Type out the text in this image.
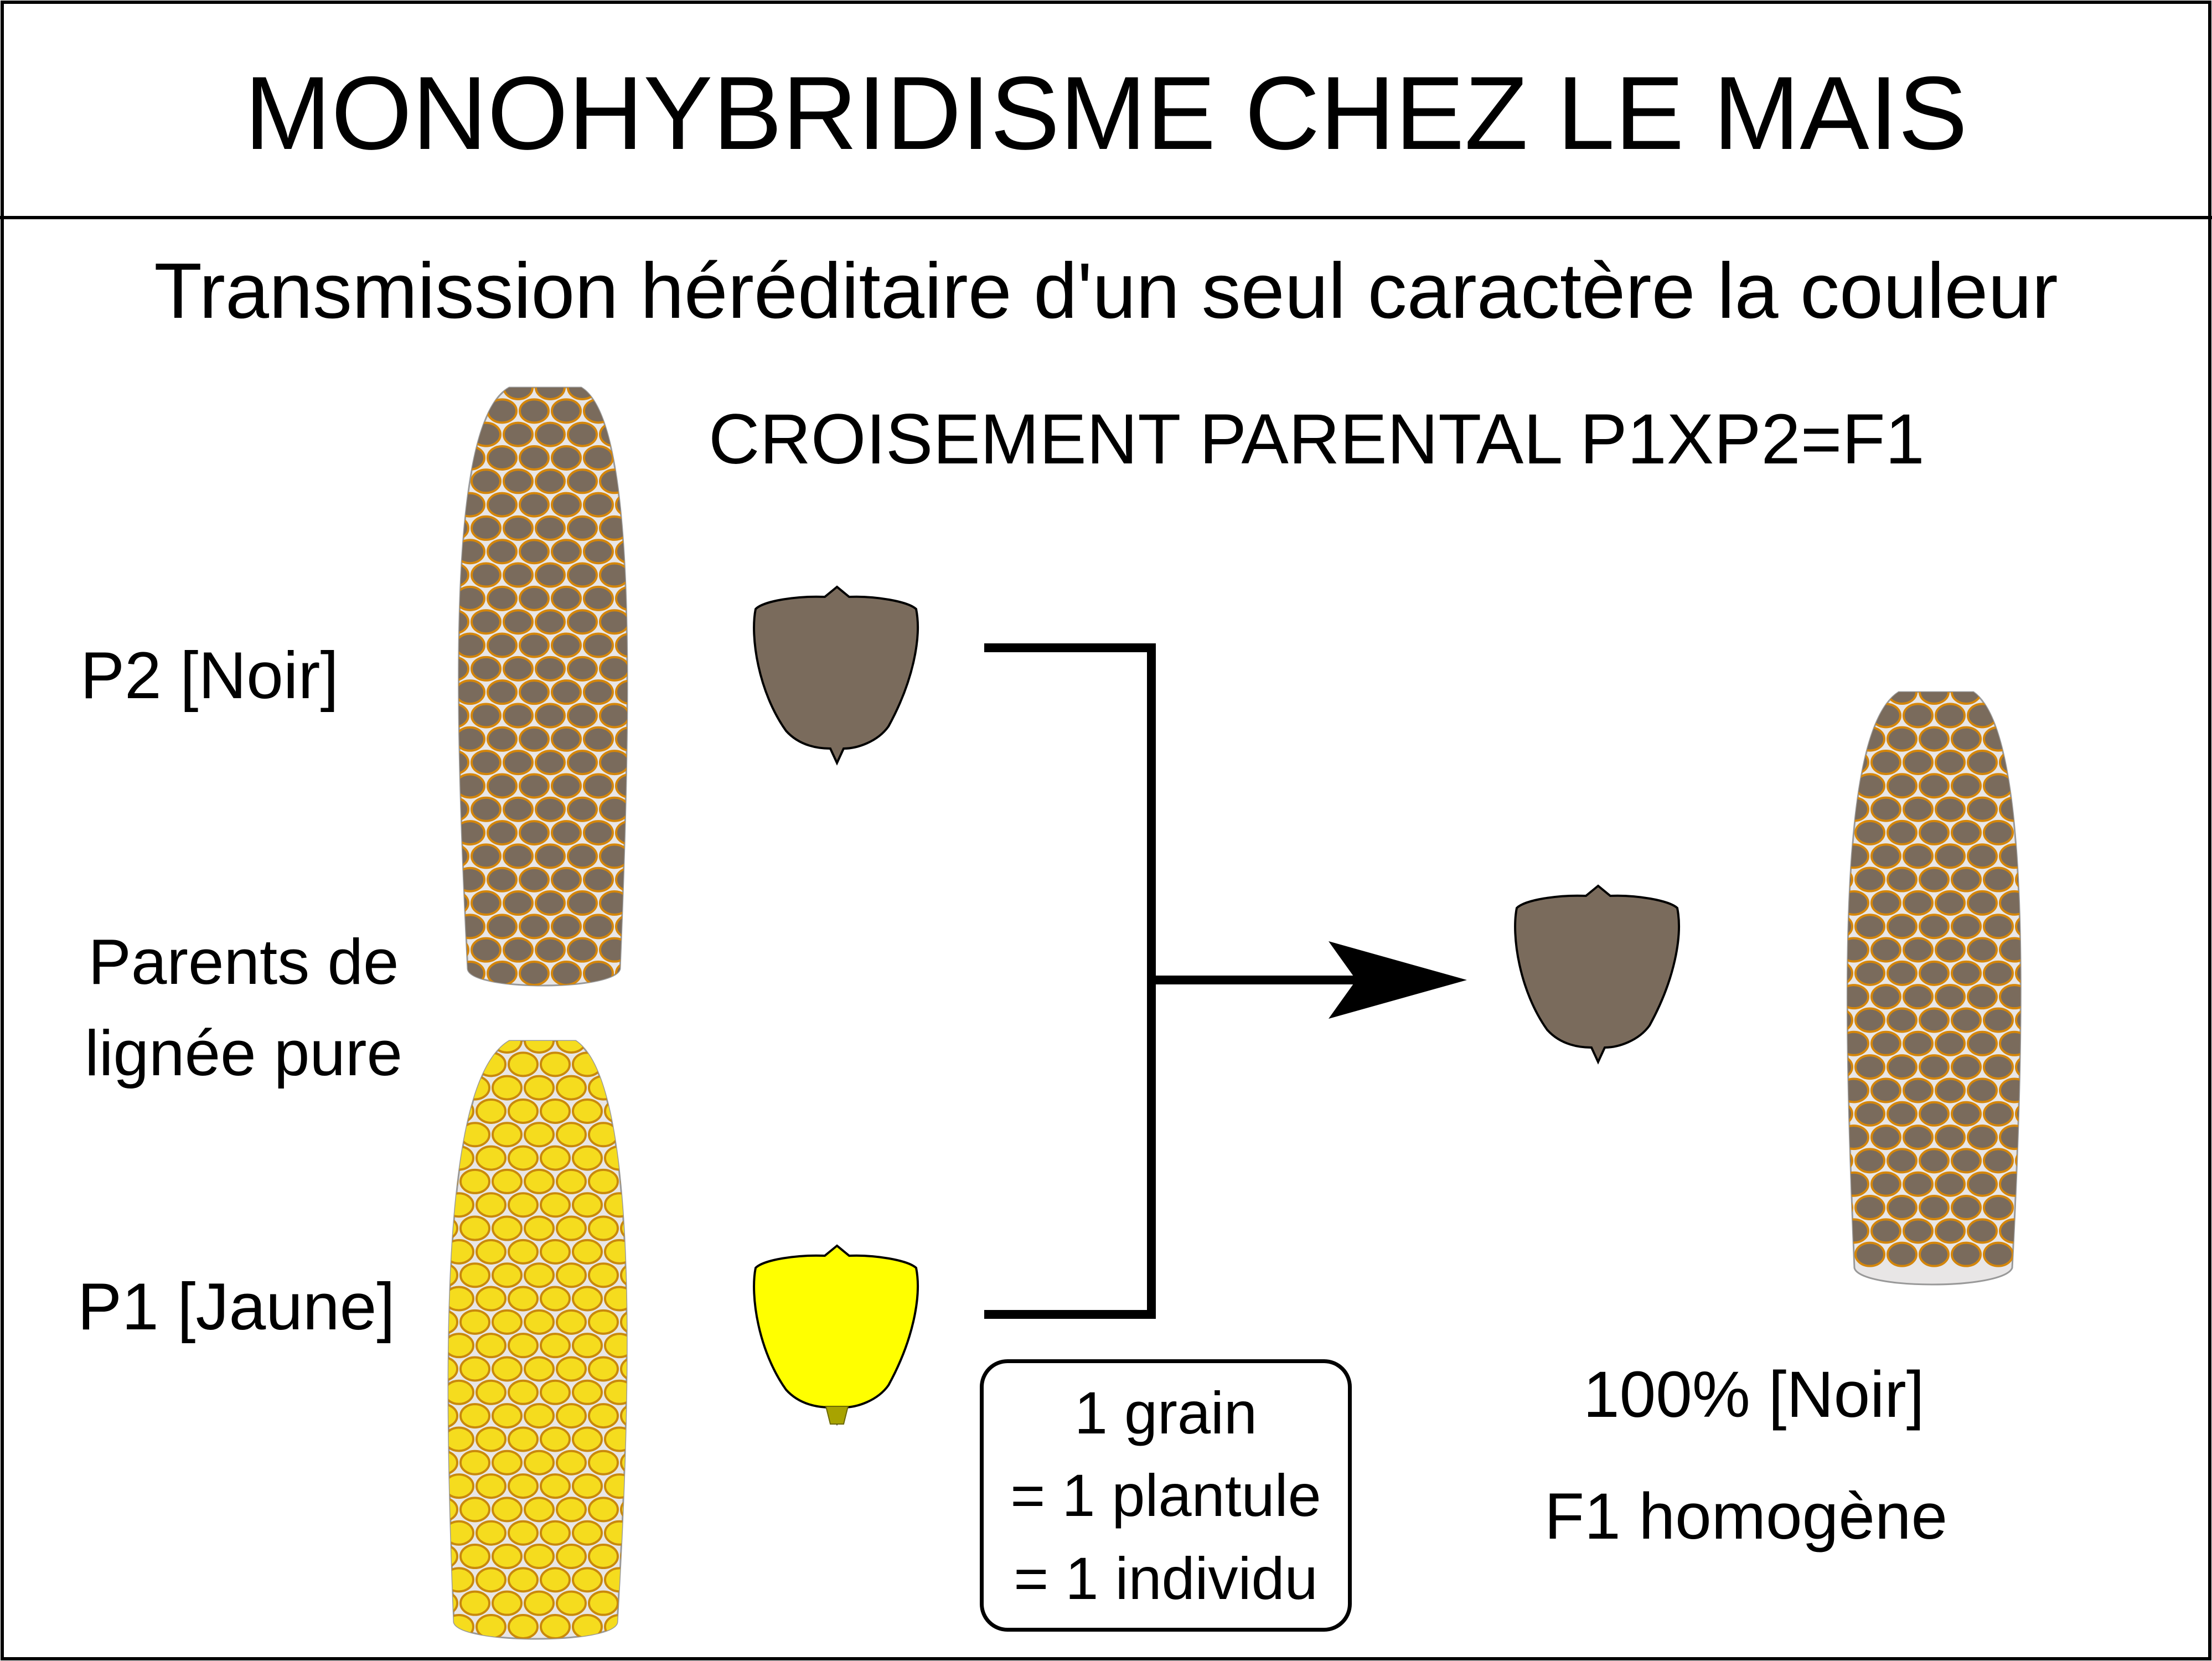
MONOHYBRIDISME CHEZ LE MAIS
Transmission héréditaire d'un seul caractère la couleur
CROISEMENT PARENTAL P1XP2=F1
P2 [Noir]
Parents de
lignée pure
P1 [Jaune]
1 grain
= 1 plantule
= 1 individu
100% [Noir]
F1 homogène
